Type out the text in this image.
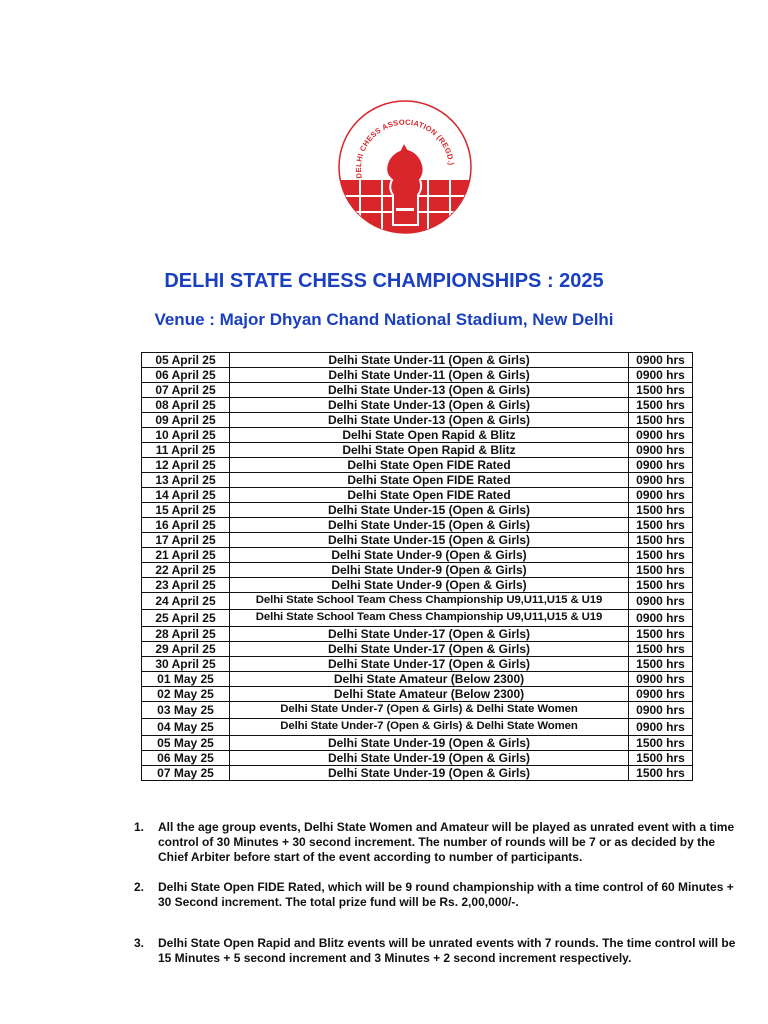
DELHI CHESS ASSOCIATION (REGD.)
DELHI STATE CHESS CHAMPIONSHIPS : 2025
Venue : Major Dhyan Chand National Stadium, New Delhi
05 April 25	Delhi State Under-11 (Open & Girls)	0900 hrs
06 April 25	Delhi State Under-11 (Open & Girls)	0900 hrs
07 April 25	Delhi State Under-13 (Open & Girls)	1500 hrs
08 April 25	Delhi State Under-13 (Open & Girls)	1500 hrs
09 April 25	Delhi State Under-13 (Open & Girls)	1500 hrs
10 April 25	Delhi State Open Rapid & Blitz	0900 hrs
11 April 25	Delhi State Open Rapid & Blitz	0900 hrs
12 April 25	Delhi State Open FIDE Rated	0900 hrs
13 April 25	Delhi State Open FIDE Rated	0900 hrs
14 April 25	Delhi State Open FIDE Rated	0900 hrs
15 April 25	Delhi State Under-15 (Open & Girls)	1500 hrs
16 April 25	Delhi State Under-15 (Open & Girls)	1500 hrs
17 April 25	Delhi State Under-15 (Open & Girls)	1500 hrs
21 April 25	Delhi State Under-9 (Open & Girls)	1500 hrs
22 April 25	Delhi State Under-9 (Open & Girls)	1500 hrs
23 April 25	Delhi State Under-9 (Open & Girls)	1500 hrs
24 April 25	Delhi State School Team Chess Championship U9,U11,U15 & U19	0900 hrs
25 April 25	Delhi State School Team Chess Championship U9,U11,U15 & U19	0900 hrs
28 April 25	Delhi State Under-17 (Open & Girls)	1500 hrs
29 April 25	Delhi State Under-17 (Open & Girls)	1500 hrs
30 April 25	Delhi State Under-17 (Open & Girls)	1500 hrs
01 May 25	Delhi State Amateur (Below 2300)	0900 hrs
02 May 25	Delhi State Amateur (Below 2300)	0900 hrs
03 May 25	Delhi State Under-7 (Open & Girls) & Delhi State Women	0900 hrs
04 May 25	Delhi State Under-7 (Open & Girls) & Delhi State Women	0900 hrs
05 May 25	Delhi State Under-19 (Open & Girls)	1500 hrs
06 May 25	Delhi State Under-19 (Open & Girls)	1500 hrs
07 May 25	Delhi State Under-19 (Open & Girls)	1500 hrs
1. All the age group events, Delhi State Women and Amateur will be played as unrated event with a time control of 30 Minutes + 30 second increment. The number of rounds will be 7 or as decided by the Chief Arbiter before start of the event according to number of participants.
2. Delhi State Open FIDE Rated, which will be 9 round championship with a time control of 60 Minutes + 30 Second increment. The total prize fund will be Rs. 2,00,000/-.
3. Delhi State Open Rapid and Blitz events will be unrated events with 7 rounds. The time control will be 15 Minutes + 5 second increment and 3 Minutes + 2 second increment respectively.
